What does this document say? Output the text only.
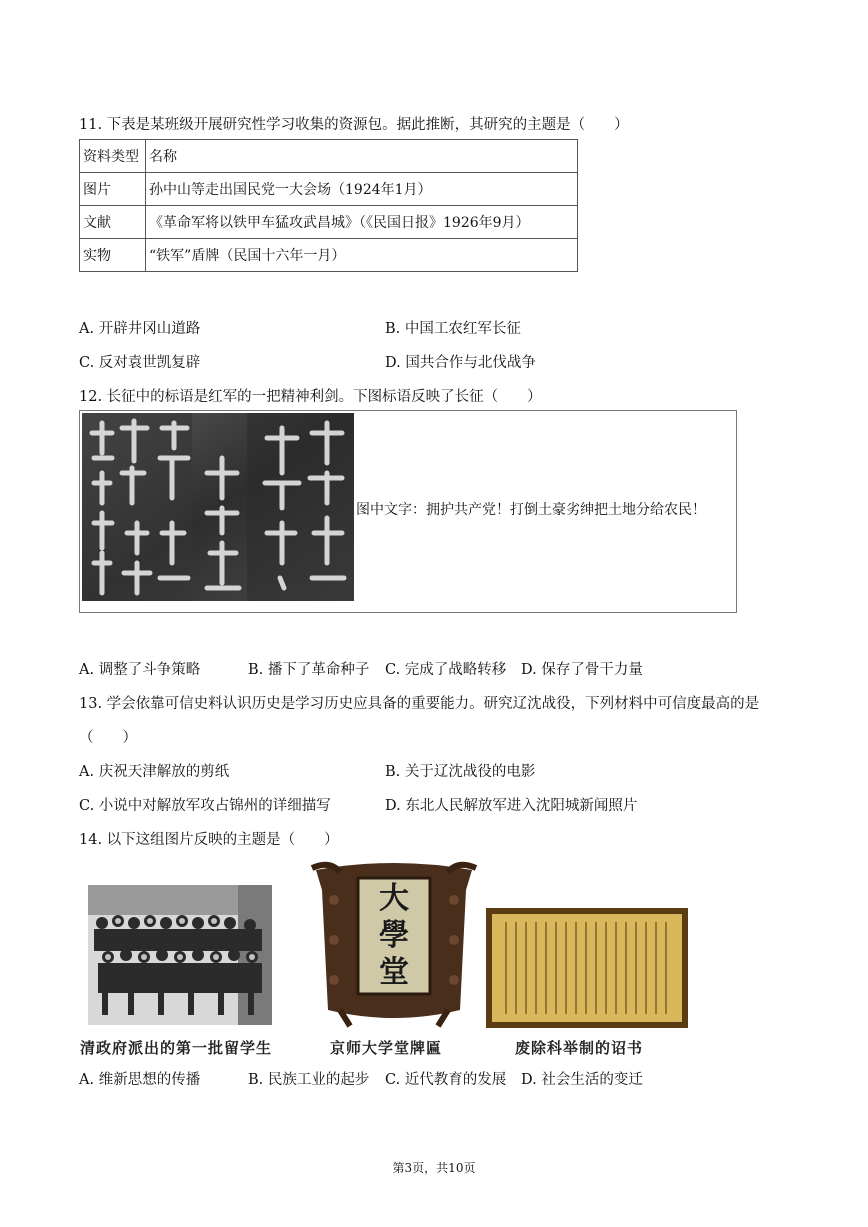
11. 下表是某班级开展研究性学习收集的资源包。据此推断，其研究的主题是（　　）
资料类型	名称
图片	孙中山等走出国民党一大会场（1924年1月）
文献	《革命军将以铁甲车猛攻武昌城》（《民国日报》1926年9月）
实物	“铁军”盾牌（民国十六年一月）
A. 开辟井冈山道路	B. 中国工农红军长征
C. 反对袁世凯复辟	D. 国共合作与北伐战争
12. 长征中的标语是红军的一把精神利剑。下图标语反映了长征（　　）
图中文字：拥护共产党！打倒土豪劣绅把土地分给农民！
A. 调整了斗争策略	B. 播下了革命种子 C. 完成了战略转移 D. 保存了骨干力量
13. 学会依靠可信史料认识历史是学习历史应具备的重要能力。研究辽沈战役，下列材料中可信度最高的是
（　　）
A. 庆祝天津解放的剪纸	B. 关于辽沈战役的电影
C. 小说中对解放军攻占锦州的详细描写	D. 东北人民解放军进入沈阳城新闻照片
14. 以下这组图片反映的主题是（　　）
大
學
堂
清政府派出的第一批留学生	京师大学堂牌匾	废除科举制的诏书
A. 维新思想的传播	B. 民族工业的起步 C. 近代教育的发展 D. 社会生活的变迁
第3页，共10页
